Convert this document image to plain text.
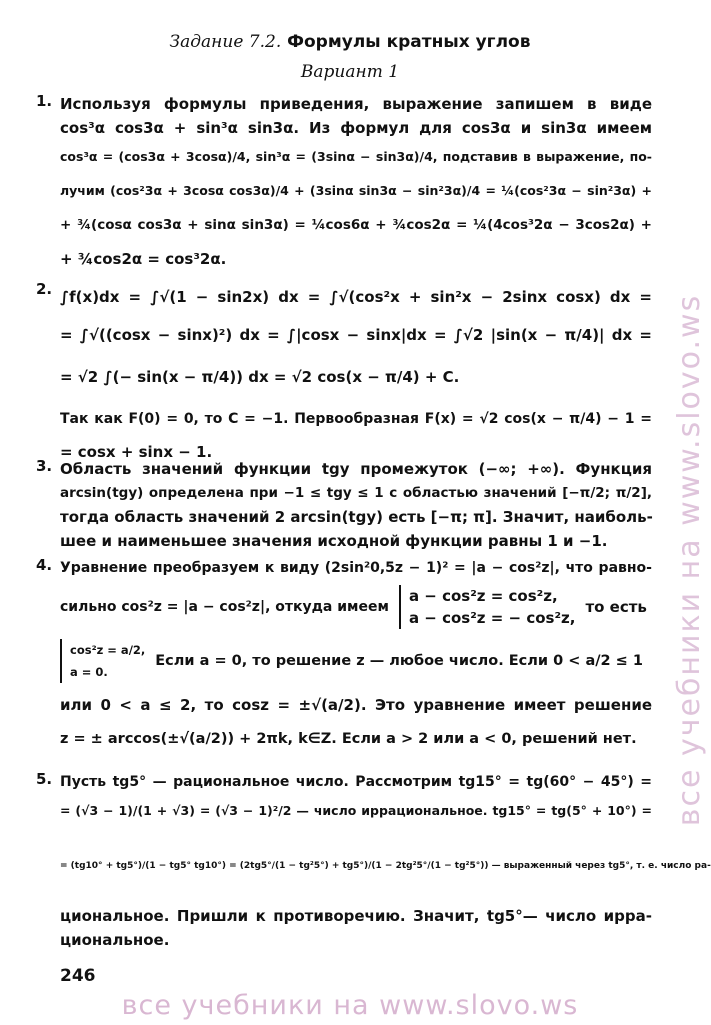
Задание 7.2. Формулы кратных углов
Вариант 1
1. Используя формулы приведения, выражение запишем в виде
cos³α cos3α + sin³α sin3α. Из формул для cos3α и sin3α имеем
cos³α = (cos3α + 3cosα)/4, sin³α = (3sinα − sin3α)/4, подставив в выражение, по-
лучим (cos²3α + 3cosα cos3α)/4 + (3sinα sin3α − sin²3α)/4 = ¼(cos²3α − sin²3α) +
+ ¾(cosα cos3α + sinα sin3α) = ¼cos6α + ¾cos2α = ¼(4cos³2α − 3cos2α) +
+ ¾cos2α = cos³2α.
2. ∫f(x)dx = ∫√(1 − sin2x) dx = ∫√(cos²x + sin²x − 2sinx cosx) dx =
= ∫√((cosx − sinx)²) dx = ∫|cosx − sinx|dx = ∫√2 |sin(x − π/4)| dx =
= √2 ∫(− sin(x − π/4)) dx = √2 cos(x − π/4) + C.
Так как F(0) = 0, то C = −1. Первообразная F(x) = √2 cos(x − π/4) − 1 =
= cosx + sinx − 1.
3. Область значений функции tgy промежуток (−∞; +∞). Функция
arcsin(tgy) определена при −1 ≤ tgy ≤ 1 с областью значений [−π/2; π/2],
тогда область значений 2 arcsin(tgy) есть [−π; π]. Значит, наиболь-
шее и наименьшее значения исходной функции равны 1 и −1.
4. Уравнение преобразуем к виду (2sin²0,5z − 1)² = |a − cos²z|, что равно-
сильно cos²z = |a − cos²z|, откуда имеем
a − cos²z = cos²z,
a − cos²z = − cos²z,
то есть
cos²z = a/2,
a = 0.
Если a = 0, то решение z — любое число. Если 0 < a/2 ≤ 1
или 0 < a ≤ 2, то cosz = ±√(a/2). Это уравнение имеет решение
z = ± arccos(±√(a/2)) + 2πk, k∈Z. Если a > 2 или a < 0, решений нет.
5. Пусть tg5° — рациональное число. Рассмотрим tg15° = tg(60° − 45°) =
= (√3 − 1)/(1 + √3) = (√3 − 1)²/2 — число иррациональное. tg15° = tg(5° + 10°) =
= (tg10° + tg5°)/(1 − tg5° tg10°) = (2tg5°/(1 − tg²5°) + tg5°)/(1 − 2tg²5°/(1 − tg²5°)) — выраженный через tg5°, т. е. число ра-
циональное. Пришли к противоречию. Значит, tg5°— число ирра-
циональное.
246
все учебники на www.slovo.ws
все учебники на www.slovo.ws
